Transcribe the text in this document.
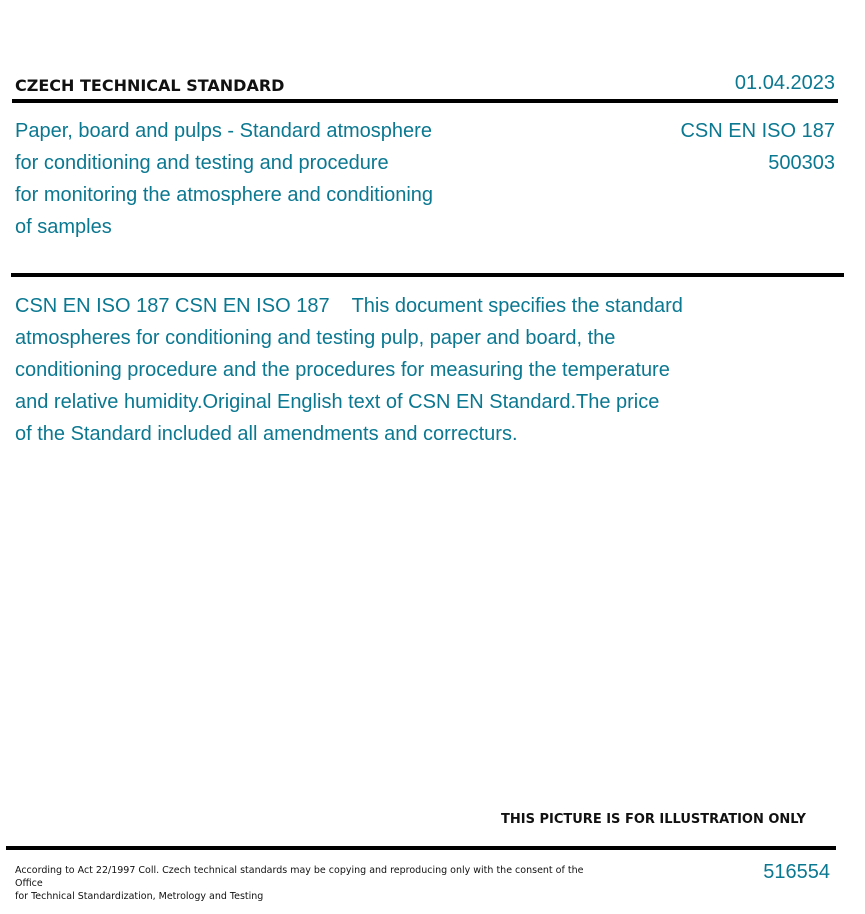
CZECH TECHNICAL STANDARD	01.04.2023
Paper, board and pulps - Standard atmosphere
for conditioning and testing and procedure
for monitoring the atmosphere and conditioning
of samples
CSN EN ISO 187
500303
CSN EN ISO 187 CSN EN ISO 187 This document specifies the standard
atmospheres for conditioning and testing pulp, paper and board, the
conditioning procedure and the procedures for measuring the temperature
and relative humidity.Original English text of CSN EN Standard.The price
of the Standard included all amendments and correcturs.
THIS PICTURE IS FOR ILLUSTRATION ONLY
According to Act 22/1997 Coll. Czech technical standards may be copying and reproducing only with the consent of the Office
for Technical Standardization, Metrology and Testing
516554
